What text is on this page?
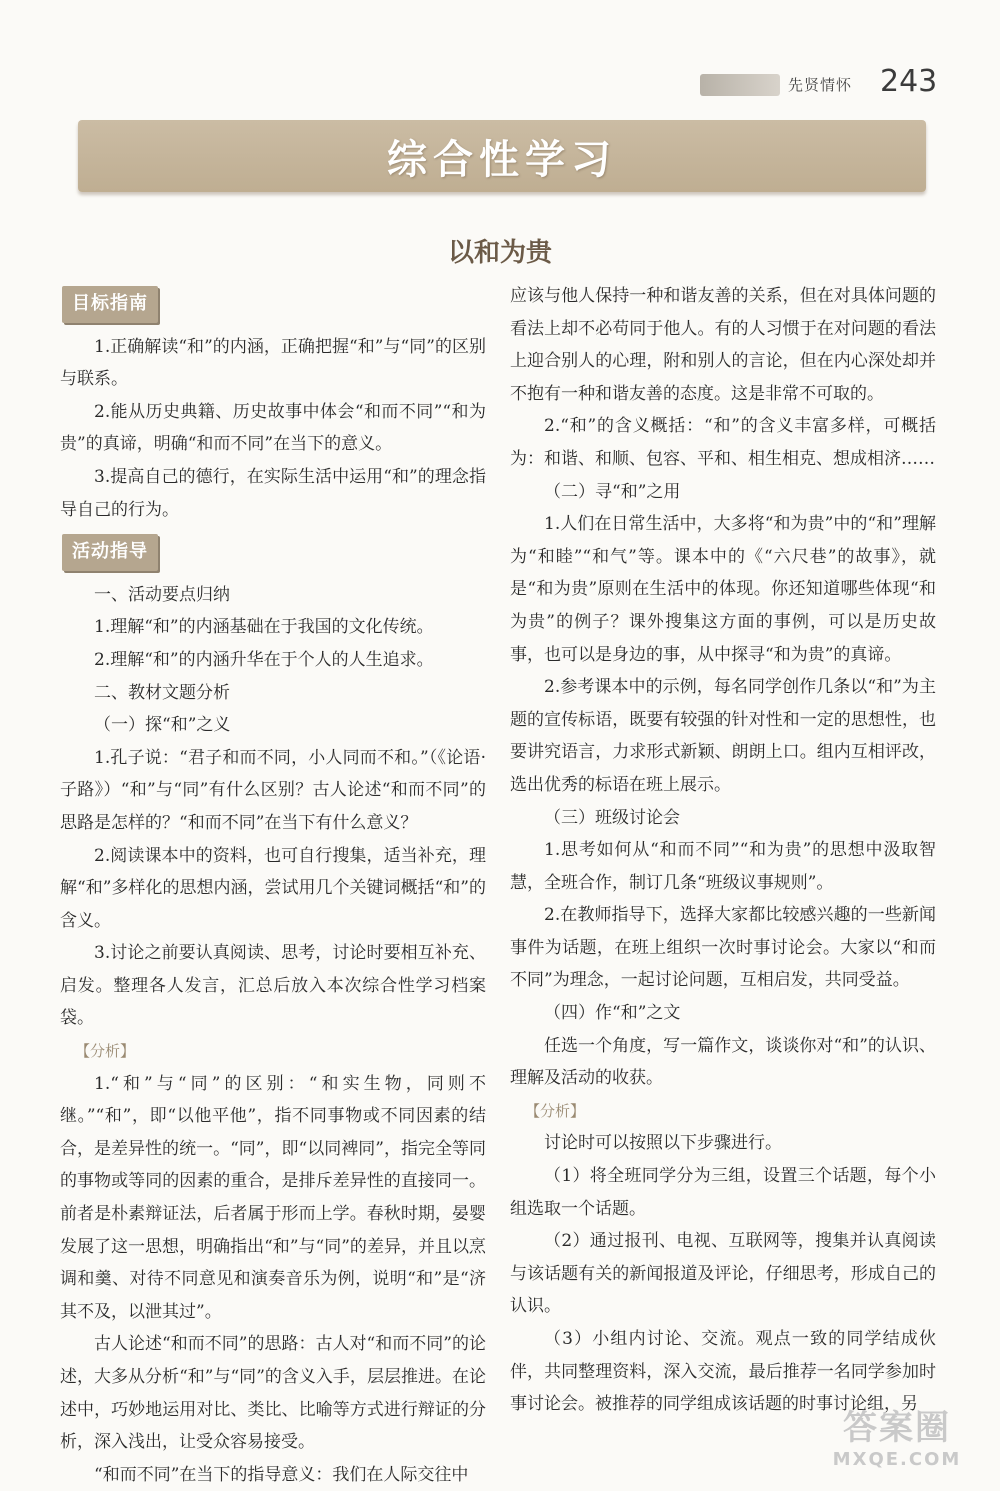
先贤情怀 243
综合性学习
以和为贵
目标指南

1.正确解读“和”的内涵，正确把握“和”与“同”的区别与联系。

2.能从历史典籍、历史故事中体会“和而不同”“和为贵”的真谛，明确“和而不同”在当下的意义。

3.提高自己的德行，在实际生活中运用“和”的理念指导自己的行为。

活动指导

一、活动要点归纳

1.理解“和”的内涵基础在于我国的文化传统。

2.理解“和”的内涵升华在于个人的人生追求。

二、教材文题分析

（一）探“和”之义

1.孔子说：“君子和而不同，小人同而不和。”（《论语·子路》）“和”与“同”有什么区别？古人论述“和而不同”的思路是怎样的？“和而不同”在当下有什么意义？

2.阅读课本中的资料，也可自行搜集，适当补充，理解“和”多样化的思想内涵，尝试用几个关键词概括“和”的含义。

3.讨论之前要认真阅读、思考，讨论时要相互补充、启发。整理各人发言，汇总后放入本次综合性学习档案袋。

【分析】

1.“和”与“同”的区别：“和实生物，同则不继。”“和”，即“以他平他”，指不同事物或不同因素的结合，是差异性的统一。“同”，即“以同裨同”，指完全等同的事物或等同的因素的重合，是排斥差异性的直接同一。前者是朴素辩证法，后者属于形而上学。春秋时期，晏婴发展了这一思想，明确指出“和”与“同”的差异，并且以烹调和羹、对待不同意见和演奏音乐为例，说明“和”是“济其不及，以泄其过”。

古人论述“和而不同”的思路：古人对“和而不同”的论述，大多从分析“和”与“同”的含义入手，层层推进。在论述中，巧妙地运用对比、类比、比喻等方式进行辩证的分析，深入浅出，让受众容易接受。

“和而不同”在当下的指导意义：我们在人际交往中

应该与他人保持一种和谐友善的关系，但在对具体问题的看法上却不必苟同于他人。有的人习惯于在对问题的看法上迎合别人的心理，附和别人的言论，但在内心深处却并不抱有一种和谐友善的态度。这是非常不可取的。

2.“和”的含义概括：“和”的含义丰富多样，可概括为：和谐、和顺、包容、平和、相生相克、想成相济……

（二）寻“和”之用

1.人们在日常生活中，大多将“和为贵”中的“和”理解为“和睦”“和气”等。课本中的《“六尺巷”的故事》，就是“和为贵”原则在生活中的体现。你还知道哪些体现“和为贵”的例子？课外搜集这方面的事例，可以是历史故事，也可以是身边的事，从中探寻“和为贵”的真谛。

2.参考课本中的示例，每名同学创作几条以“和”为主题的宣传标语，既要有较强的针对性和一定的思想性，也要讲究语言，力求形式新颖、朗朗上口。组内互相评改，选出优秀的标语在班上展示。

（三）班级讨论会

1.思考如何从“和而不同”“和为贵”的思想中汲取智慧，全班合作，制订几条“班级议事规则”。

2.在教师指导下，选择大家都比较感兴趣的一些新闻事件为话题，在班上组织一次时事讨论会。大家以“和而不同”为理念，一起讨论问题，互相启发，共同受益。

（四）作“和”之文

任选一个角度，写一篇作文，谈谈你对“和”的认识、理解及活动的收获。

【分析】

讨论时可以按照以下步骤进行。

（1）将全班同学分为三组，设置三个话题，每个小组选取一个话题。

（2）通过报刊、电视、互联网等，搜集并认真阅读与该话题有关的新闻报道及评论，仔细思考，形成自己的认识。

（3）小组内讨论、交流。观点一致的同学结成伙伴，共同整理资料，深入交流，最后推荐一名同学参加时事讨论会。被推荐的同学组成该话题的时事讨论组，另

答案圈
MXQE.COM
